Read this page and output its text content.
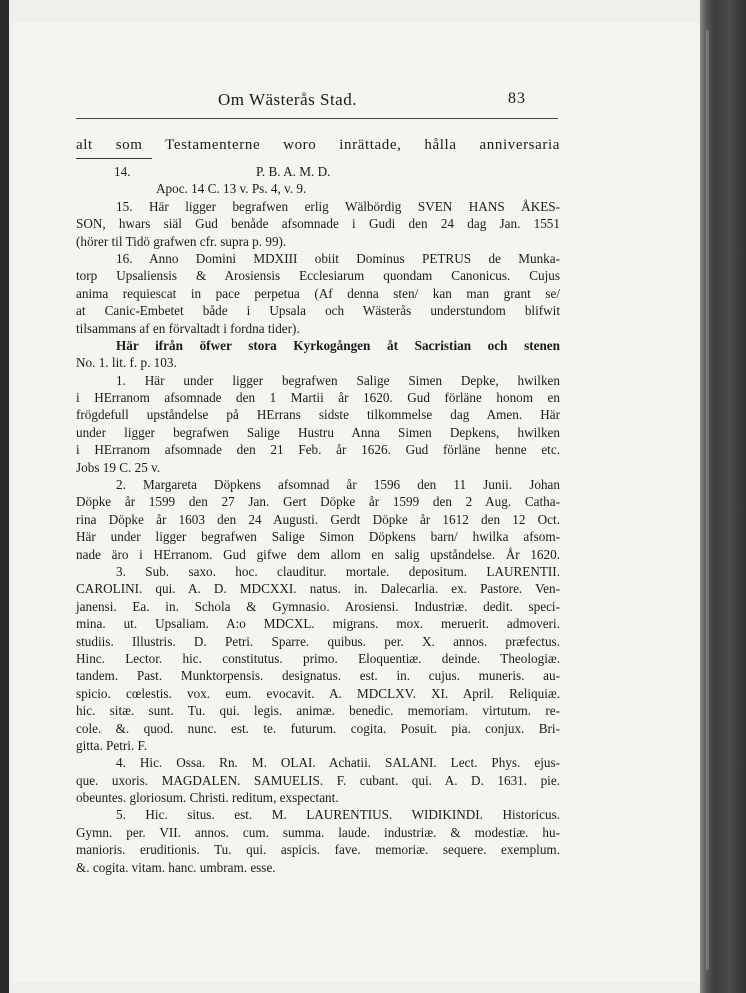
Om Wästerås Stad.	83
alt som Testamenterne woro inrättade, hålla anniversaria
14.	P. B. A. M. D.
Apoc. 14 C. 13 v. Ps. 4, v. 9.
15. Här ligger begrafwen erlig Wälbördig SVEN HANS ÅKES-
SON, hwars siäl Gud benåde afsomnade i Gudi den 24 dag Jan. 1551
(hörer til Tidö grafwen cfr. supra p. 99).
16. Anno Domini MDXIII obiit Dominus PETRUS de Munka-
torp Upsaliensis & Arosiensis Ecclesiarum quondam Canonicus. Cujus
anima requiescat in pace perpetua (Af denna sten/ kan man grant se/
at Canic-Embetet både i Upsala och Wästerås understundom blifwit
tilsammans af en förvaltadt i fordna tider).
Här ifrån öfwer stora Kyrkogången åt Sacristian och stenen
No. 1. lit. f. p. 103.
1. Här under ligger begrafwen Salige Simen Depke, hwilken
i HErranom afsomnade den 1 Martii år 1620. Gud förläne honom en
frögdefull upståndelse på HErrans sidste tilkommelse dag Amen. Här
under ligger begrafwen Salige Hustru Anna Simen Depkens, hwilken
i HErranom afsomnade den 21 Feb. år 1626. Gud förläne henne etc.
Jobs 19 C. 25 v.
2. Margareta Döpkens afsomnad år 1596 den 11 Junii. Johan
Döpke år 1599 den 27 Jan. Gert Döpke år 1599 den 2 Aug. Catha-
rina Döpke år 1603 den 24 Augusti. Gerdt Döpke år 1612 den 12 Oct.
Här under ligger begrafwen Salige Simon Döpkens barn/ hwilka afsom-
nade äro i HErranom. Gud gifwe dem allom en salig upståndelse. År 1620.
3. Sub. saxo. hoc. clauditur. mortale. depositum. LAURENTII.
CAROLINI. qui. A. D. MDCXXI. natus. in. Dalecarlia. ex. Pastore. Ven-
janensi. Ea. in. Schola & Gymnasio. Arosiensi. Industriæ. dedit. speci-
mina. ut. Upsaliam. A:o MDCXL. migrans. mox. meruerit. admoveri.
studiis. Illustris. D. Petri. Sparre. quibus. per. X. annos. præfectus.
Hinc. Lector. hic. constitutus. primo. Eloquentiæ. deinde. Theologiæ.
tandem. Past. Munktorpensis. designatus. est. in. cujus. muneris. au-
spicio. cœlestis. vox. eum. evocavit. A. MDCLXV. XI. April. Reliquiæ.
hic. sitæ. sunt. Tu. qui. legis. animæ. benedic. memoriam. virtutum. re-
cole. &. quod. nunc. est. te. futurum. cogita. Posuit. pia. conjux. Bri-
gitta. Petri. F.
4. Hic. Ossa. Rn. M. OLAI. Achatii. SALANI. Lect. Phys. ejus-
que. uxoris. MAGDALEN. SAMUELIS. F. cubant. qui. A. D. 1631. pie.
obeuntes. gloriosum. Christi. reditum, exspectant.
5. Hic. situs. est. M. LAURENTIUS. WIDIKINDI. Historicus.
Gymn. per. VII. annos. cum. summa. laude. industriæ. & modestiæ. hu-
manioris. eruditionis. Tu. qui. aspicis. fave. memoriæ. sequere. exemplum.
&. cogita. vitam. hanc. umbram. esse.
